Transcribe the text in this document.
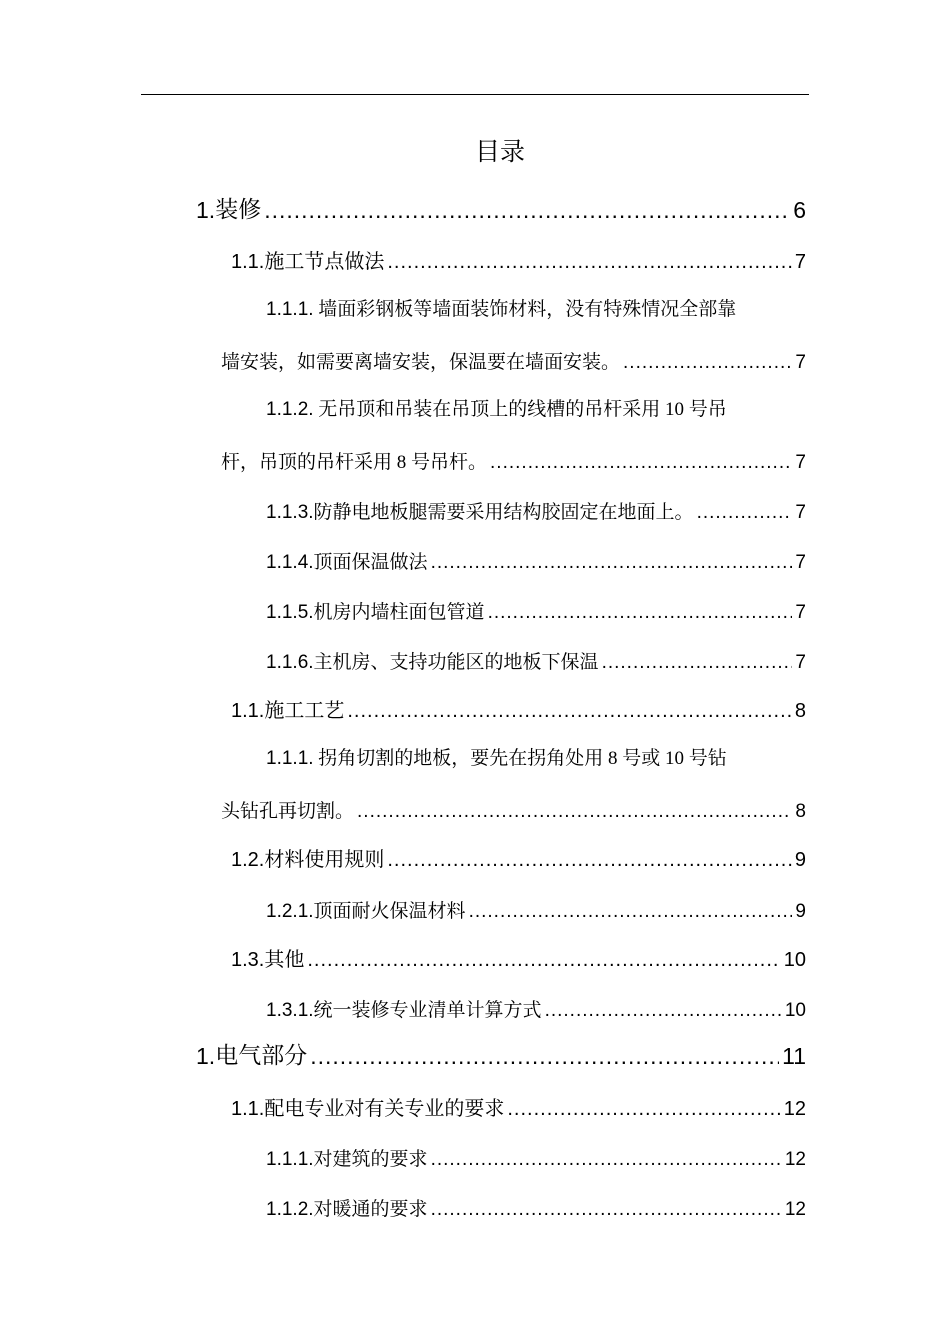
目录
1. 装修 .....	6
1.1. 施工节点做法 .....	7
1.1.1. 墙面彩钢板等墙面装饰材料，没有特殊情况全部靠
墙安装，如需要离墙安装，保温要在墙面安装。 .....	7
1.1.2. 无吊顶和吊装在吊顶上的线槽的吊杆采用 10 号吊
杆，吊顶的吊杆采用 8 号吊杆。 .....	7
1.1.3. 防静电地板腿需要采用结构胶固定在地面上。 .....	7
1.1.4. 顶面保温做法 .....	7
1.1.5. 机房内墙柱面包管道 .....	7
1.1.6. 主机房、支持功能区的地板下保温 .....	7
1.1. 施工工艺 .....	8
1.1.1. 拐角切割的地板，要先在拐角处用 8 号或 10 号钻
头钻孔再切割。 .....	8
1.2. 材料使用规则 .....	9
1.2.1. 顶面耐火保温材料 .....	9
1.3. 其他 .....	10
1.3.1. 统一装修专业清单计算方式 .....	10
1. 电气部分 .....	11
1.1. 配电专业对有关专业的要求 .....	12
1.1.1. 对建筑的要求 .....	12
1.1.2. 对暖通的要求 .....	12
